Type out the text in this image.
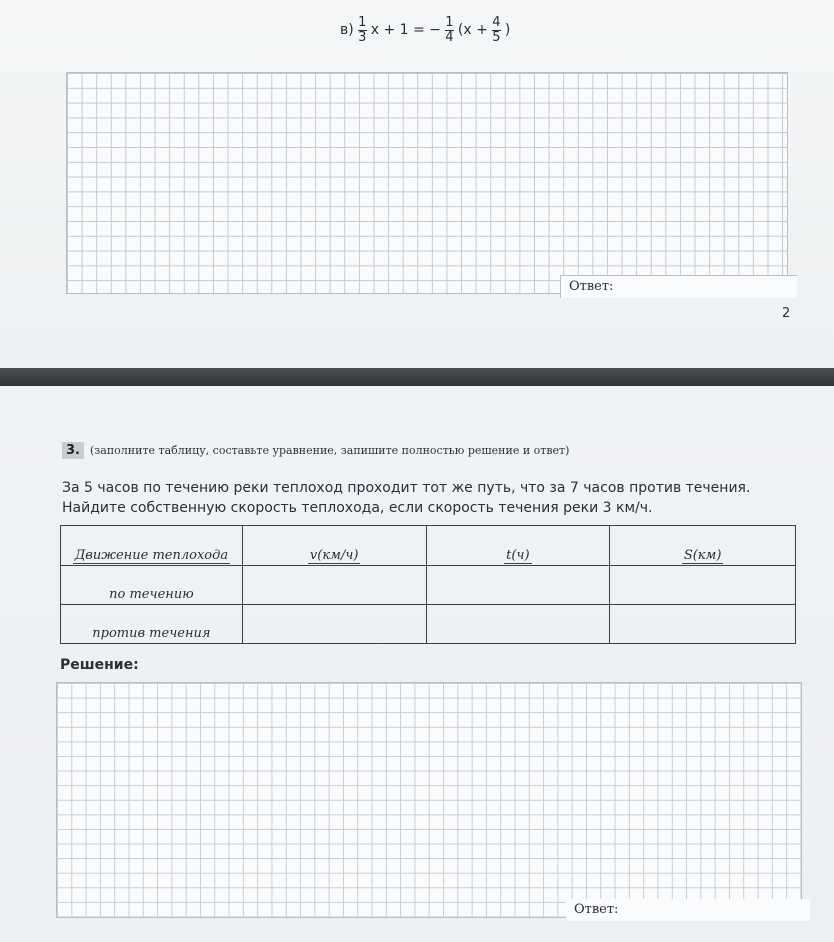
$в) \frac{1}{3}$ x + 1 = − $\frac{1}{4} (x + \frac{4}{5}$ )
Ответ:
2
3. (заполните таблицу, составьте уравнение, запишите полностью решение и ответ)
За 5 часов по течению реки теплоход проходит тот же путь, что за 7 часов против течения.
Найдите собственную скорость теплохода, если скорость течения реки 3 км/ч.
Движение теплохода	v(км/ч)	t(ч)	S(км)
по течению			
против течения			
Решение:
Ответ:
